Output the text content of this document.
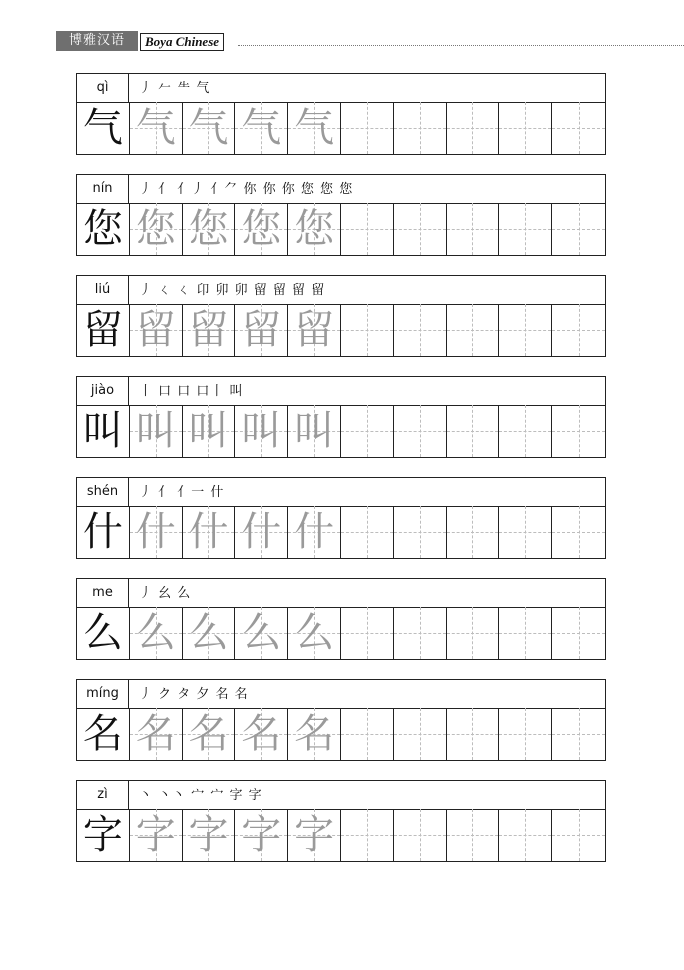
博雅汉语	Boya Chinese
qì	丿 𠂉 ⺧ 气
气 气 气 气 气
nín	丿 亻 亻丿 亻⺈ 你 你 你 您 您 您
您 您 您 您 您
liú	丿 ㄑ ㄑ 卬 卯 卯 留 留 留 留
留 留 留 留 留
jiào	丨 口 口 口丨 叫
叫 叫 叫 叫 叫
shén	丿 亻 亻一 什
什 什 什 什 什
me	丿 ⺓ 么
么 么 么 么 么
míng	丿 ク タ 夕 名 名
名 名 名 名 名
zì	丶 丶丶 宀 宀 字 字
字 字 字 字 字
